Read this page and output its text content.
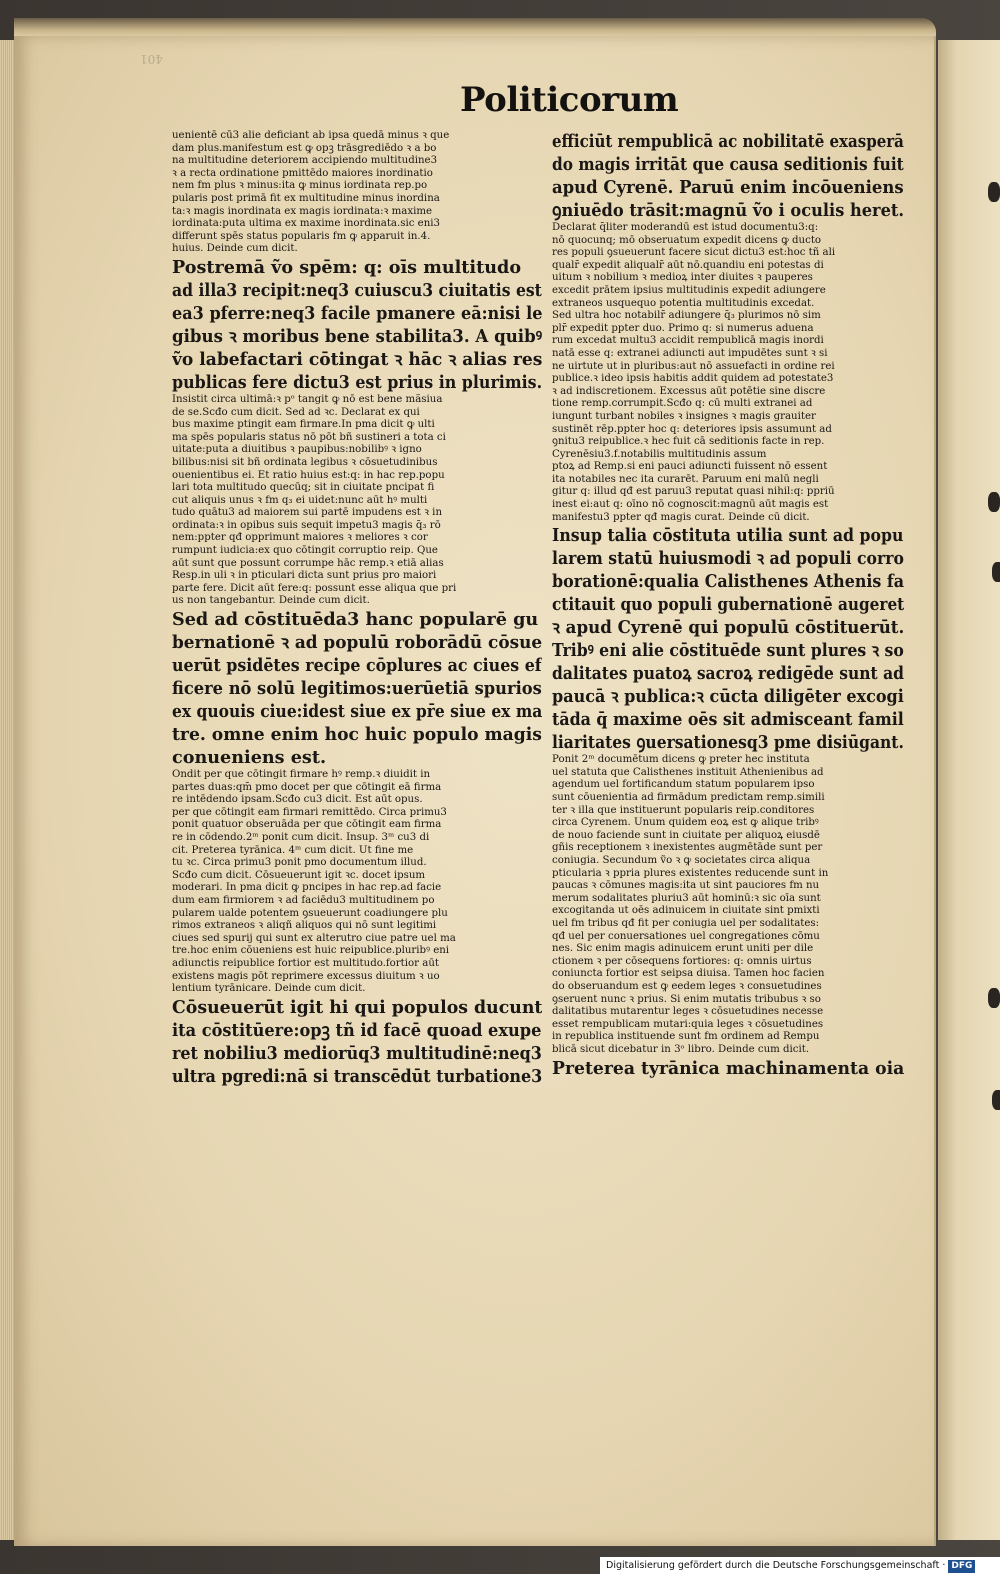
401
Politicorum
uenientē cū3 alie deficiant ab ipsa quedā minus ꝛ que
dam plus.manifestum est ꝙ opꝫ trāsgrediēdo ꝛ a bo
na multitudine deteriorem accipiendo multitudine3
ꝛ a recta ordinatione pmittēdo maiores inordinatio
nem fm plus ꝛ minus:ita ꝙ minus iordinata rep.po
pularis post primā fit ex multitudine minus inordina
ta:ꝛ magis inordinata ex magis iordinata:ꝛ maxime
iordinata:puta ultima ex maxime inordinata.sic eni3
differunt spēs status popularis fm ꝙ apparuit in.4.
huius. Deinde cum dicit.
Postremā ṽo spēm: q: oīs multitudo
ad illa3 recipit:neq3 cuiuscu3 ciuitatis est
ea3 pferre:neq3 facile pmanere eā:nisi le
gibus ꝛ moribus bene stabilita3. A quibꝰ
ṽo labefactari cōtingat ꝛ hāc ꝛ alias res
publicas fere dictu3 est prius in plurimis.
Insistit circa ultimā:ꝛ pᵒ tangit ꝙ nō est bene mãsiua
de se.Scđo cum dicit. Sed ad ꝛc. Declarat ex qui
bus maxime ptingit eam firmare.In pma dicit ꝙ ulti
ma spēs popularis status nō pōt bñ sustineri a tota ci
uitate:puta a diuitibus ꝛ paupibus:nobilibꝰ ꝛ igno
bilibus:nisi sit bñ ordinata legibus ꝛ cōsuetudinibus
ouenientibus ei. Et ratio huius est:q: in hac rep.popu
lari tota multitudo quecūq; sit in ciuitate pncipat fi
cut aliquis unus ꝛ fm q₃ ei uidet:nunc aūt hꝰ multi
tudo quātu3 ad maiorem sui partē impudens est ꝛ in
ordinata:ꝛ in opibus suis sequit impetu3 magis q̄₃ rō
nem:ppter qđ opprimunt maiores ꝛ meliores ꝛ cor
rumpunt iudicia:ex quo cōtingit corruptio reip. Que
aūt sunt que possunt corrumpe hāc remp.ꝛ etiā alias
Resp.in uli ꝛ in pticulari dicta sunt prius pro maiori
parte fere. Dicit aūt fere:q: possunt esse aliqua que pri
us non tangebantur. Deinde cum dicit.
Sed ad cōstituēda3 hanc popularē gu
bernationē ꝛ ad populū roborādū cōsue
uerūt psidētes recipe cōplures ac ciues ef
ficere nō solū legitimos:uerūetiā spurios
ex quouis ciue:idest siue ex pr̄e siue ex ma
tre. omne enim hoc huic populo magis
conueniens est.
Ondit per que cōtingit firmare hꝰ remp.ꝛ diuidit in
partes duas:qm̄ pmo docet per que cōtingit eā firma
re intēdendo ipsam.Scđo cu3 dicit. Est aūt opus.
per que cōtingit eam firmari remittēdo. Circa primu3
ponit quatuor obseruāda per que cōtingit eam firma
re in cōdendo.2ᵐ ponit cum dicit. Insup. 3ᵐ cu3 di
cit. Preterea tyrānica. 4ᵐ cum dicit. Ut fine me
tu ꝛc. Circa primu3 ponit pmo documentum illud.
Scđo cum dicit. Cōsueuerunt igit ꝛc. docet ipsum
moderari. In pma dicit ꝙ pncipes in hac rep.ad facie
dum eam firmiorem ꝛ ad faciēdu3 multitudinem po
pularem ualde potentem ꝯsueuerunt coadiungere plu
rimos extraneos ꝛ aliqñ aliquos qui nō sunt legitimi
ciues sed spurij qui sunt ex alterutro ciue patre uel ma
tre.hoc enim cōueniens est huic reipublice.pluribꝰ eni
adiunctis reipublice fortior est multitudo.fortior aūt
existens magis pōt reprimere excessus diuitum ꝛ uo
lentium tyrānicare. Deinde cum dicit.
Cōsueuerūt igit hi qui populos ducunt
ita cōstitūere:opꝫ tñ id facē quoad exupe
ret nobiliu3 mediorūq3 multitudinē:neq3
ultra pgredi:nā si transcēdūt turbatione3
efficiūt rempublicā ac nobilitatē exasperā
do magis irritāt que causa seditionis fuit
apud Cyrenē. Paruū enim incōueniens
ꝯniuēdo trāsit:magnū ṽo i oculis heret.
Declarat q̄liter moderandū est istud documentu3:q:
nō quocunq; mō obseruatum expedit dicens ꝙ ducto
res populi ꝯsueuerunt facere sicut dictu3 est:hoc tñ ali
qualr̄ expedit aliqualr̄ aūt nō.quandiu eni potestas di
uitum ꝛ nobilium ꝛ medioꝝ inter diuites ꝛ pauperes
excedit prātem ipsius multitudinis expedit adiungere
extraneos usquequo potentia multitudinis excedat.
Sed ultra hoc notabilr̄ adiungere q̄₃ plurimos nō sim
plr̄ expedit ppter duo. Primo q: si numerus aduena
rum excedat multu3 accidit rempublicā magis inordi
natā esse q: extranei adiuncti aut impudētes sunt ꝛ si
ne uirtute ut in pluribus:aut nō assuefacti in ordine rei
publice.ꝛ ideo ipsis habitis addit quidem ad potestate3
ꝛ ad indiscretionem. Excessus aūt potētie sine discre
tione remp.corrumpit.Scđo q: cū multi extranei ad
iungunt turbant nobiles ꝛ insignes ꝛ magis grauiter
sustinēt rēp.ppter hoc q: deteriores ipsis assumunt ad
ꝯnitu3 reipublice.ꝛ hec fuit cā seditionis facte in rep.
Cyrenēsiu3.f.notabilis multitudinis assum
ptoꝝ ad Remp.si eni pauci adiuncti fuissent nō essent
ita notabiles nec ita curarēt. Paruum eni malū negli
gitur q: illud qđ est paruu3 reputat quasi nihil:q: ppriū
inest ei:aut q: oīno nō cognoscit:magnū aūt magis est
manifestu3 ppter qđ magis curat. Deinde cū dicit.
Insup talia cōstituta utilia sunt ad popu
larem statū huiusmodi ꝛ ad populi corro
borationē:qualia Calisthenes Athenis fa
ctitauit quo populi gubernationē augeret
ꝛ apud Cyrenē qui populū cōstituerūt.
Tribꝰ eni alie cōstituēde sunt plures ꝛ so
dalitates puatoꝝ sacroꝝ redigēde sunt ad
paucā ꝛ publica:ꝛ cūcta diligēter excogi
tāda q̄ maxime oēs sit admisceant famil
liaritates ꝯuersationesq3 pme disiūgant.
Ponit 2ᵐ documētum dicens ꝙ preter hec instituta
uel statuta que Calisthenes instituit Athenienibus ad
agendum uel fortificandum statum popularem ipso
sunt cōuenientia ad firmādum predictam remp.simili
ter ꝛ illa que instituerunt popularis reip.conditores
circa Cyrenem. Unum quidem eoꝝ est ꝙ alique tribꝰ
de nouo faciende sunt in ciuitate per aliquoꝝ eiusdē
gñis receptionem ꝛ inexistentes augmētāde sunt per
coniugia. Secundum ṽo ꝛ ꝙ societates circa aliqua
pticularia ꝛ ppria plures existentes reducende sunt in
paucas ꝛ cōmunes magis:ita ut sint pauciores fm nu
merum sodalitates pluriu3 aūt hominū:ꝛ sic oīa sunt
excogitanda ut oēs adinuicem in ciuitate sint pmixti
uel fm tribus qđ fit per coniugia uel per sodalitates:
qđ uel per conuersationes uel congregationes cōmu
nes. Sic enim magis adinuicem erunt uniti per dile
ctionem ꝛ per cōsequens fortiores: q: omnis uirtus
coniuncta fortior est seipsa diuisa. Tamen hoc facien
do obseruandum est ꝙ eedem leges ꝛ consuetudines
ꝯseruent nunc ꝛ prius. Si enim mutatis tribubus ꝛ so
dalitatibus mutarentur leges ꝛ cōsuetudines necesse
esset rempublicam mutari:quia leges ꝛ cōsuetudines
in republica instituende sunt fm ordinem ad Rempu
blicā sicut dicebatur in 3ᵒ libro. Deinde cum dicit.
Preterea tyrānica machinamenta oia
Digitalisierung gefördert durch die Deutsche Forschungsgemeinschaft · DFG
